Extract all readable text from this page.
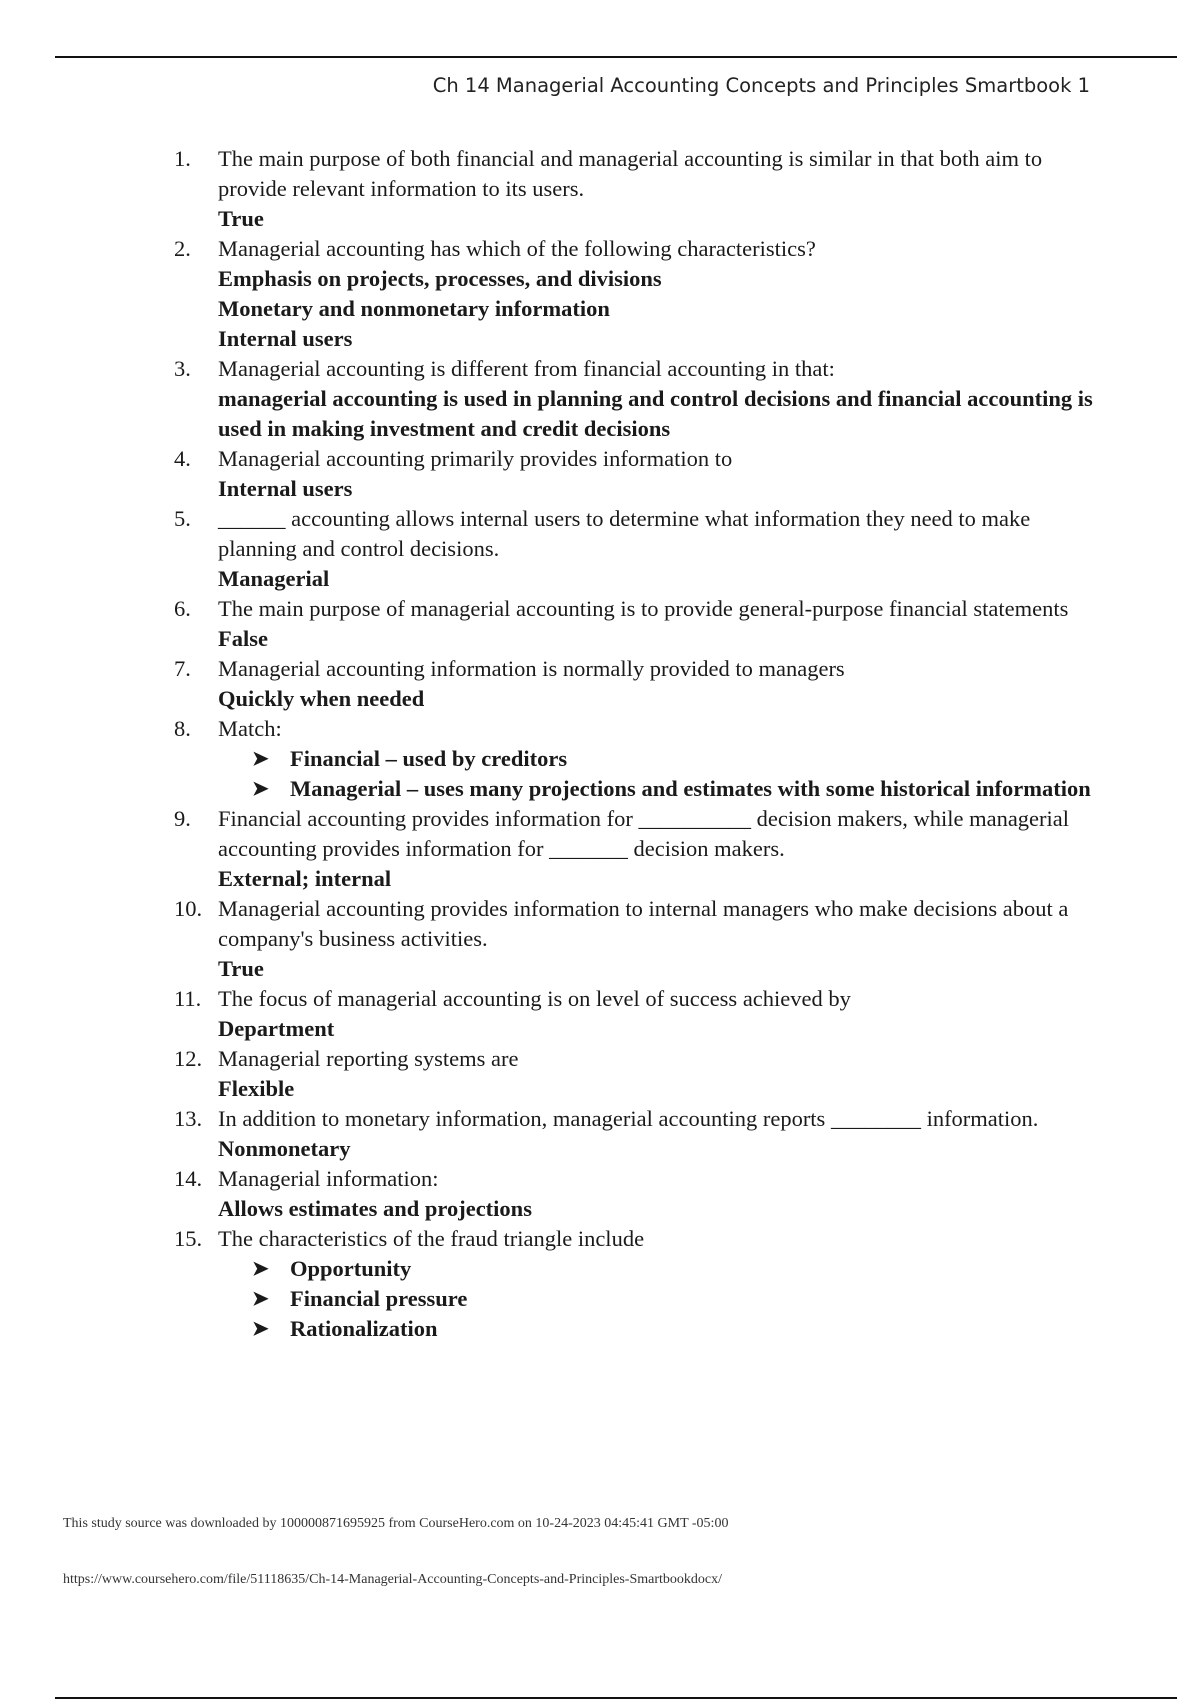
Ch 14 Managerial Accounting Concepts and Principles Smartbook 1
1.	The main purpose of both financial and managerial accounting is similar in that both aim to provide relevant information to its users.
True
2.	Managerial accounting has which of the following characteristics?
Emphasis on projects, processes, and divisions
Monetary and nonmonetary information
Internal users
3.	Managerial accounting is different from financial accounting in that:
managerial accounting is used in planning and control decisions and financial accounting is used in making investment and credit decisions
4.	Managerial accounting primarily provides information to
Internal users
5.	______ accounting allows internal users to determine what information they need to make planning and control decisions.
Managerial
6.	The main purpose of managerial accounting is to provide general-purpose financial statements
False
7.	Managerial accounting information is normally provided to managers
Quickly when needed
8.	Match:
➤ Financial – used by creditors
➤ Managerial – uses many projections and estimates with some historical information
9.	Financial accounting provides information for __________ decision makers, while managerial accounting provides information for _______ decision makers.
External; internal
10. Managerial accounting provides information to internal managers who make decisions about a company's business activities.
True
11. The focus of managerial accounting is on level of success achieved by
Department
12. Managerial reporting systems are
Flexible
13. In addition to monetary information, managerial accounting reports ________ information.
Nonmonetary
14. Managerial information:
Allows estimates and projections
15. The characteristics of the fraud triangle include
➤ Opportunity
➤ Financial pressure
➤ Rationalization
This study source was downloaded by 100000871695925 from CourseHero.com on 10-24-2023 04:45:41 GMT -05:00
https://www.coursehero.com/file/51118635/Ch-14-Managerial-Accounting-Concepts-and-Principles-Smartbookdocx/
